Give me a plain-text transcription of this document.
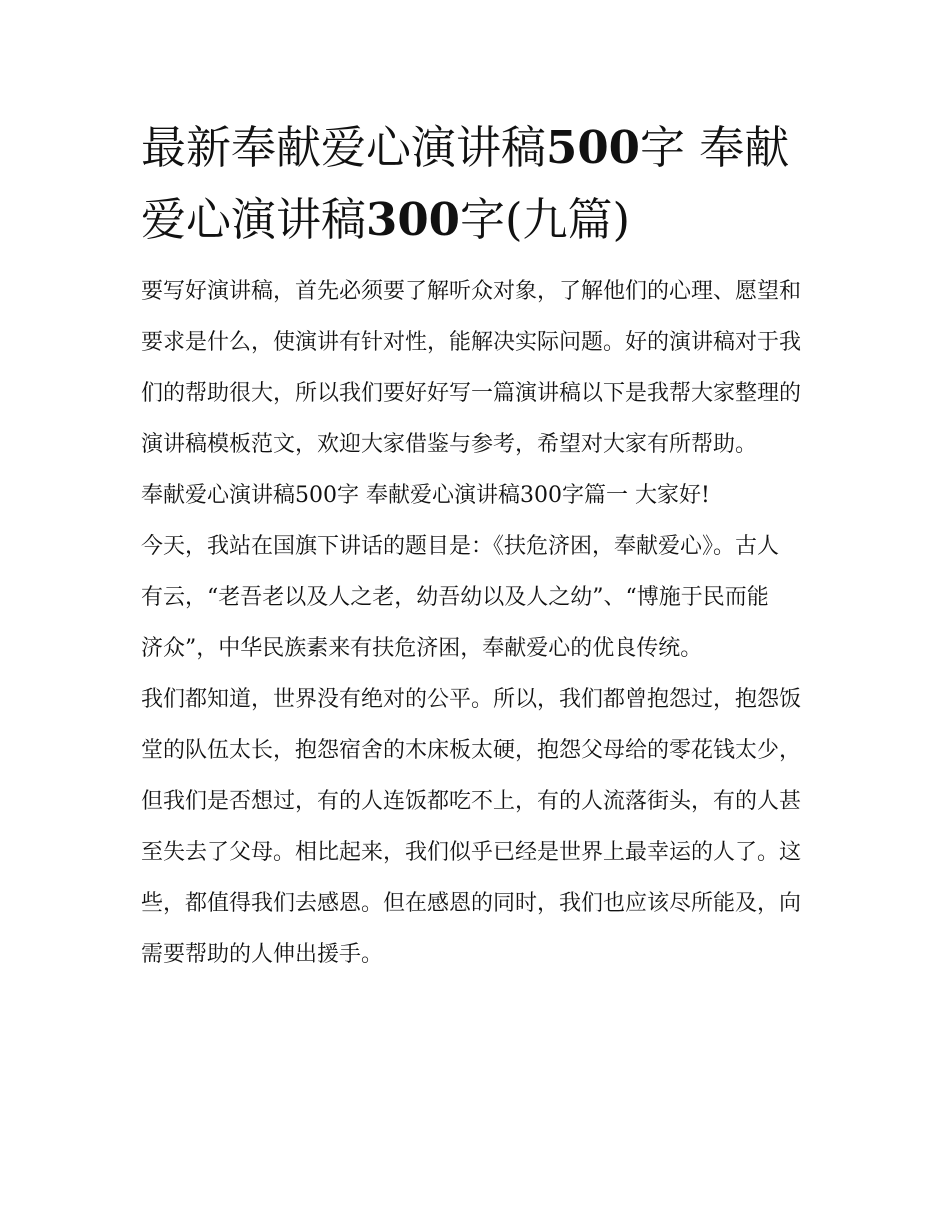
最新奉献爱心演讲稿500字 奉献爱心演讲稿300字(九篇)

要写好演讲稿，首先必须要了解听众对象，了解他们的心理、愿望和要求是什么，使演讲有针对性，能解决实际问题。好的演讲稿对于我们的帮助很大，所以我们要好好写一篇演讲稿以下是我帮大家整理的演讲稿模板范文，欢迎大家借鉴与参考，希望对大家有所帮助。

奉献爱心演讲稿500字 奉献爱心演讲稿300字篇一 大家好!

今天，我站在国旗下讲话的题目是：《扶危济困，奉献爱心》。古人有云，“老吾老以及人之老，幼吾幼以及人之幼”、“博施于民而能济众”，中华民族素来有扶危济困，奉献爱心的优良传统。

我们都知道，世界没有绝对的公平。所以，我们都曾抱怨过，抱怨饭堂的队伍太长，抱怨宿舍的木床板太硬，抱怨父母给的零花钱太少，但我们是否想过，有的人连饭都吃不上，有的人流落街头，有的人甚至失去了父母。相比起来，我们似乎已经是世界上最幸运的人了。这些，都值得我们去感恩。但在感恩的同时，我们也应该尽所能及，向需要帮助的人伸出援手。
